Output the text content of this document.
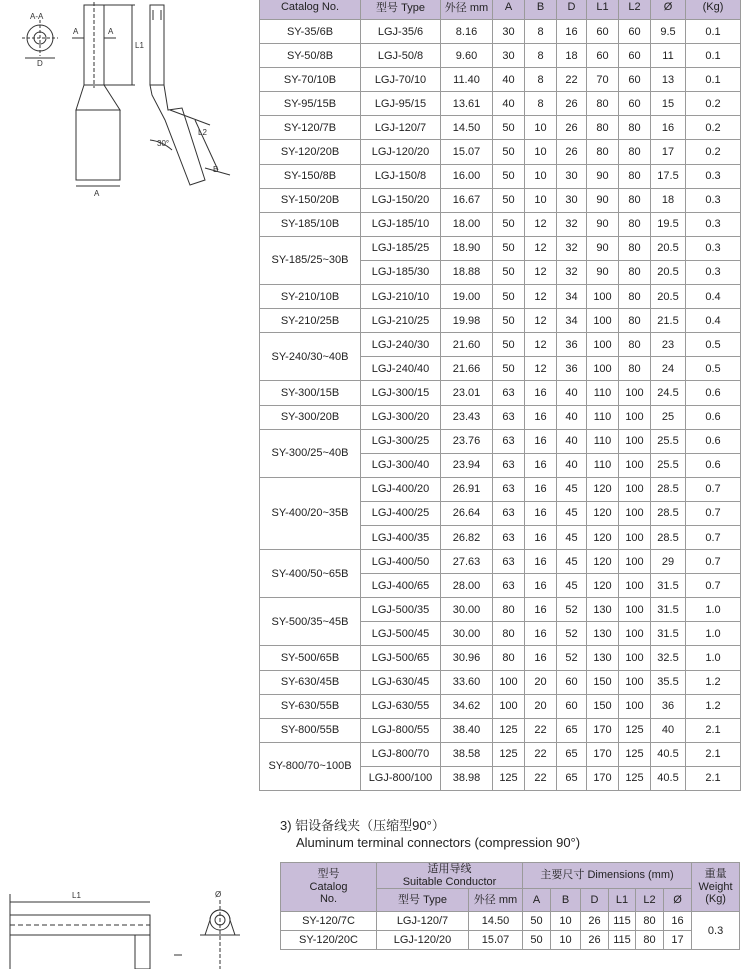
A-A
D
A	A
A
L1
L2
B
30°
L1	Ø
Catalog No.	型号 Type	外径 mm	A	B	D	L1	L2	Ø	(Kg)
SY-35/6B	LGJ-35/6	8.16	30	8	16	60	60	9.5	0.1
SY-50/8B	LGJ-50/8	9.60	30	8	18	60	60	11	0.1
SY-70/10B	LGJ-70/10	11.40	40	8	22	70	60	13	0.1
SY-95/15B	LGJ-95/15	13.61	40	8	26	80	60	15	0.2
SY-120/7B	LGJ-120/7	14.50	50	10	26	80	80	16	0.2
SY-120/20B	LGJ-120/20	15.07	50	10	26	80	80	17	0.2
SY-150/8B	LGJ-150/8	16.00	50	10	30	90	80	17.5	0.3
SY-150/20B	LGJ-150/20	16.67	50	10	30	90	80	18	0.3
SY-185/10B	LGJ-185/10	18.00	50	12	32	90	80	19.5	0.3
SY-185/25~30B	LGJ-185/25	18.90	50	12	32	90	80	20.5	0.3
	LGJ-185/30	18.88	50	12	32	90	80	20.5	0.3
SY-210/10B	LGJ-210/10	19.00	50	12	34	100	80	20.5	0.4
SY-210/25B	LGJ-210/25	19.98	50	12	34	100	80	21.5	0.4
SY-240/30~40B	LGJ-240/30	21.60	50	12	36	100	80	23	0.5
	LGJ-240/40	21.66	50	12	36	100	80	24	0.5
SY-300/15B	LGJ-300/15	23.01	63	16	40	110	100	24.5	0.6
SY-300/20B	LGJ-300/20	23.43	63	16	40	110	100	25	0.6
SY-300/25~40B	LGJ-300/25	23.76	63	16	40	110	100	25.5	0.6
	LGJ-300/40	23.94	63	16	40	110	100	25.5	0.6
SY-400/20~35B	LGJ-400/20	26.91	63	16	45	120	100	28.5	0.7
	LGJ-400/25	26.64	63	16	45	120	100	28.5	0.7
	LGJ-400/35	26.82	63	16	45	120	100	28.5	0.7
SY-400/50~65B	LGJ-400/50	27.63	63	16	45	120	100	29	0.7
	LGJ-400/65	28.00	63	16	45	120	100	31.5	0.7
SY-500/35~45B	LGJ-500/35	30.00	80	16	52	130	100	31.5	1.0
	LGJ-500/45	30.00	80	16	52	130	100	31.5	1.0
SY-500/65B	LGJ-500/65	30.96	80	16	52	130	100	32.5	1.0
SY-630/45B	LGJ-630/45	33.60	100	20	60	150	100	35.5	1.2
SY-630/55B	LGJ-630/55	34.62	100	20	60	150	100	36	1.2
SY-800/55B	LGJ-800/55	38.40	125	22	65	170	125	40	2.1
SY-800/70~100B	LGJ-800/70	38.58	125	22	65	170	125	40.5	2.1
	LGJ-800/100	38.98	125	22	65	170	125	40.5	2.1
3) 铝设备线夹（压缩型90°）
Aluminum terminal connectors (compression 90°)
型号
Catalog
No.	适用导线
Suitable Conductor		主要尺寸 Dimensions (mm)						重量
Weight
(Kg)
	型号 Type	外径 mm	A	B	D	L1	L2	Ø	
SY-120/7C	LGJ-120/7	14.50	50	10	26	115	80	16	0.3
SY-120/20C	LGJ-120/20	15.07	50	10	26	115	80	17	
